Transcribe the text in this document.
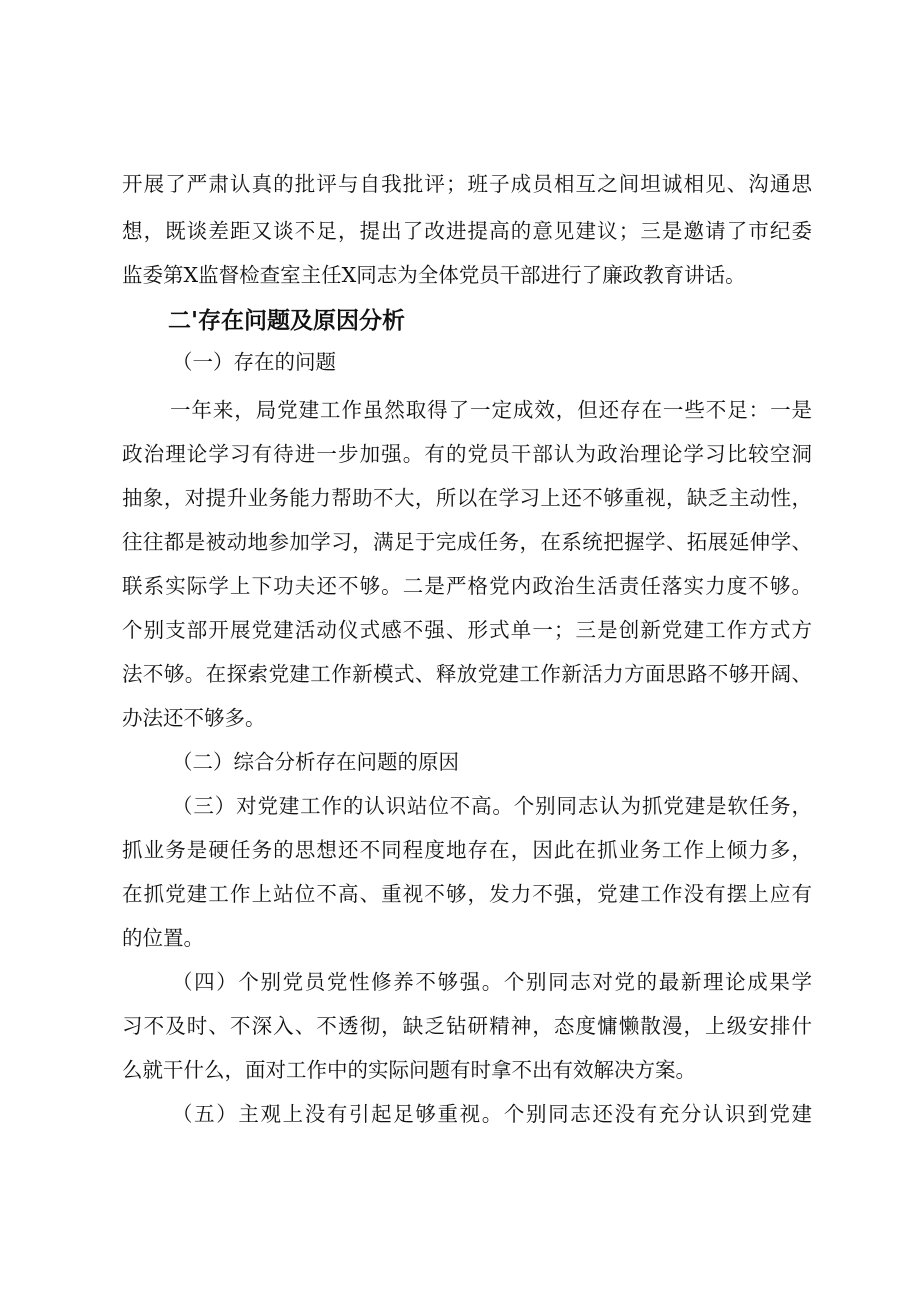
开展了严肃认真的批评与自我批评；班子成员相互之间坦诚相见、沟通思
想，既谈差距又谈不足，提出了改进提高的意见建议；三是邀请了市纪委
监委第X监督检查室主任X同志为全体党员干部进行了廉政教育讲话。
二'存在问题及原因分析
（一）存在的问题
一年来，局党建工作虽然取得了一定成效，但还存在一些不足：一是
政治理论学习有待进一步加强。有的党员干部认为政治理论学习比较空洞
抽象，对提升业务能力帮助不大，所以在学习上还不够重视，缺乏主动性，
往往都是被动地参加学习，满足于完成任务，在系统把握学、拓展延伸学、
联系实际学上下功夫还不够。二是严格党内政治生活责任落实力度不够。
个别支部开展党建活动仪式感不强、形式单一；三是创新党建工作方式方
法不够。在探索党建工作新模式、释放党建工作新活力方面思路不够开阔、
办法还不够多。
（二）综合分析存在问题的原因
（三）对党建工作的认识站位不高。个别同志认为抓党建是软任务，
抓业务是硬任务的思想还不同程度地存在，因此在抓业务工作上倾力多，
在抓党建工作上站位不高、重视不够，发力不强，党建工作没有摆上应有
的位置。
（四）个别党员党性修养不够强。个别同志对党的最新理论成果学
习不及时、不深入、不透彻，缺乏钻研精神，态度慵懒散漫，上级安排什
么就干什么，面对工作中的实际问题有时拿不出有效解决方案。
（五）主观上没有引起足够重视。个别同志还没有充分认识到党建
